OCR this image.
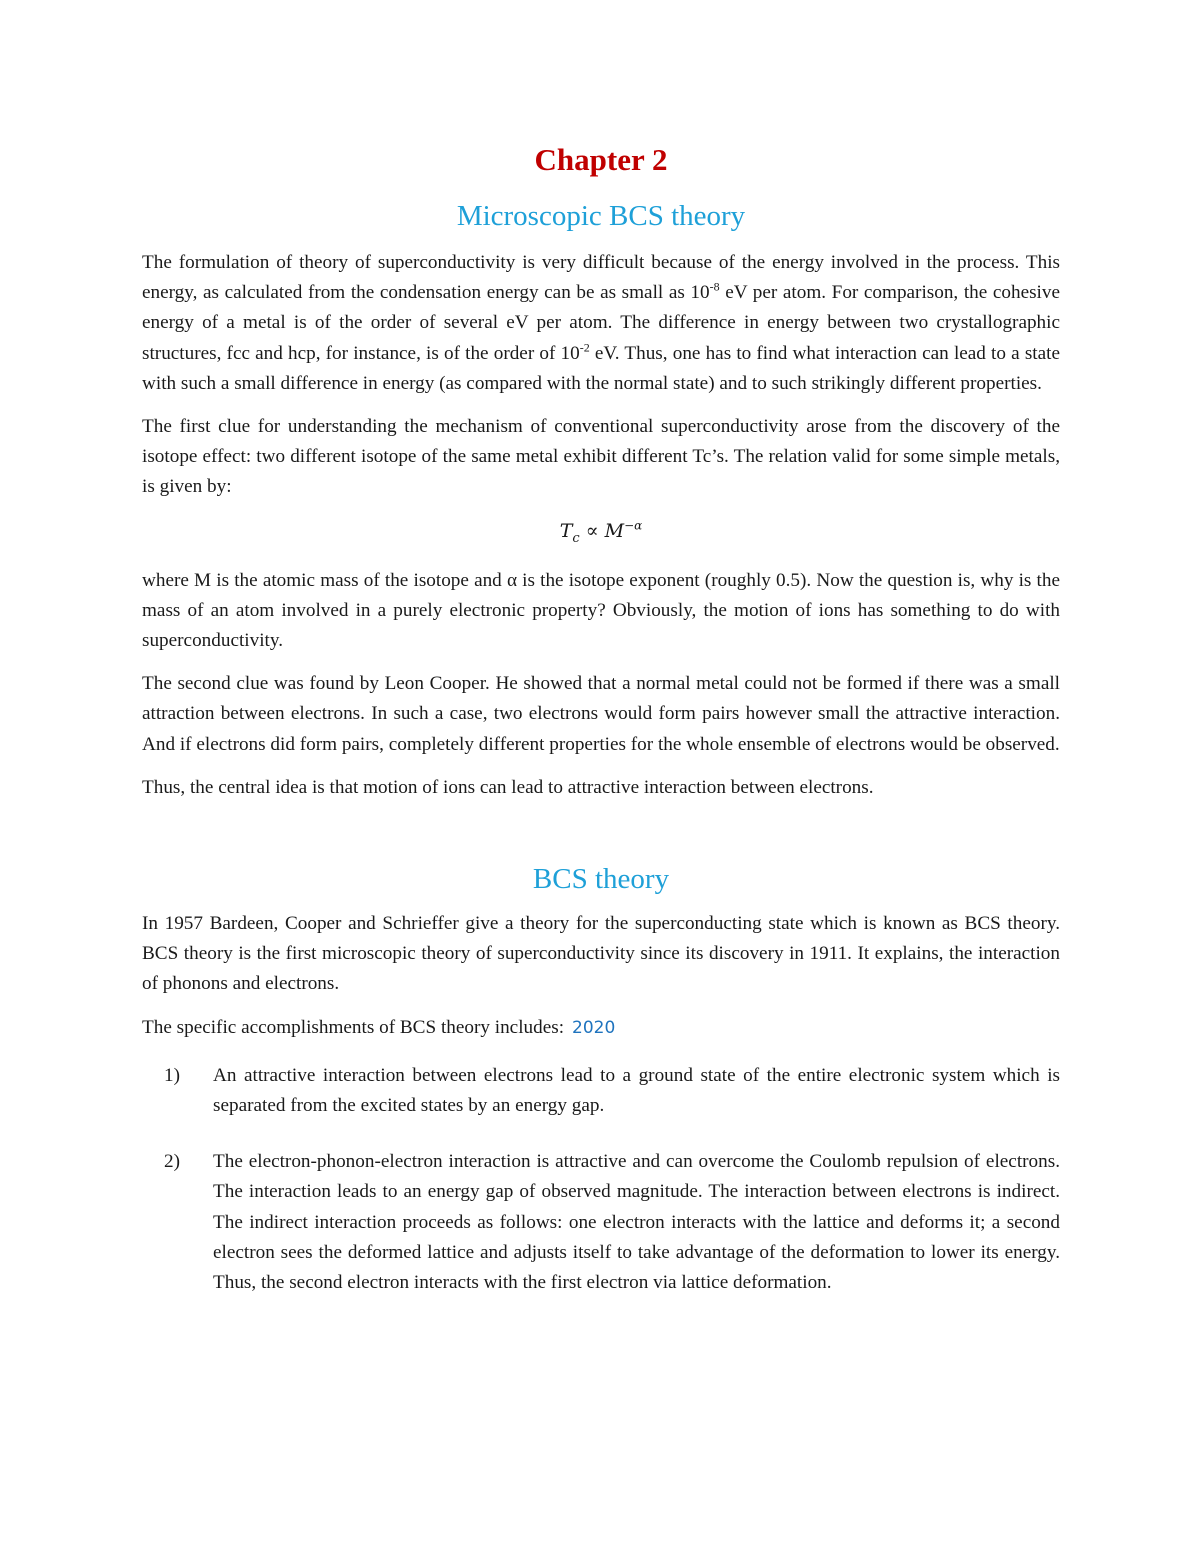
Chapter 2
Microscopic BCS theory

The formulation of theory of superconductivity is very difficult because of the energy involved in the process. This energy, as calculated from the condensation energy can be as small as $10^{-8}$ eV per atom. For comparison, the cohesive energy of a metal is of the order of several eV per atom. The difference in energy between two crystallographic structures, fcc and hcp, for instance, is of the order of $10^{-2}$ eV. Thus, one has to find what interaction can lead to a state with such a small difference in energy (as compared with the normal state) and to such strikingly different properties.

The first clue for understanding the mechanism of conventional superconductivity arose from the discovery of the isotope effect: two different isotope of the same metal exhibit different Tc’s. The relation valid for some simple metals, is given by:

$T_c \propto M^{-\alpha}$

where M is the atomic mass of the isotope and α is the isotope exponent (roughly 0.5). Now the question is, why is the mass of an atom involved in a purely electronic property? Obviously, the motion of ions has something to do with superconductivity.

The second clue was found by Leon Cooper. He showed that a normal metal could not be formed if there was a small attraction between electrons. In such a case, two electrons would form pairs however small the attractive interaction. And if electrons did form pairs, completely different properties for the whole ensemble of electrons would be observed.

Thus, the central idea is that motion of ions can lead to attractive interaction between electrons.

BCS theory

In 1957 Bardeen, Cooper and Schrieffer give a theory for the superconducting state which is known as BCS theory. BCS theory is the first microscopic theory of superconductivity since its discovery in 1911. It explains, the interaction of phonons and electrons.

The specific accomplishments of BCS theory includes: 2020

1) An attractive interaction between electrons lead to a ground state of the entire electronic system which is separated from the excited states by an energy gap.
2) The electron-phonon-electron interaction is attractive and can overcome the Coulomb repulsion of electrons. The interaction leads to an energy gap of observed magnitude. The interaction between electrons is indirect. The indirect interaction proceeds as follows: one electron interacts with the lattice and deforms it; a second electron sees the deformed lattice and adjusts itself to take advantage of the deformation to lower its energy. Thus, the second electron interacts with the first electron via lattice deformation.
